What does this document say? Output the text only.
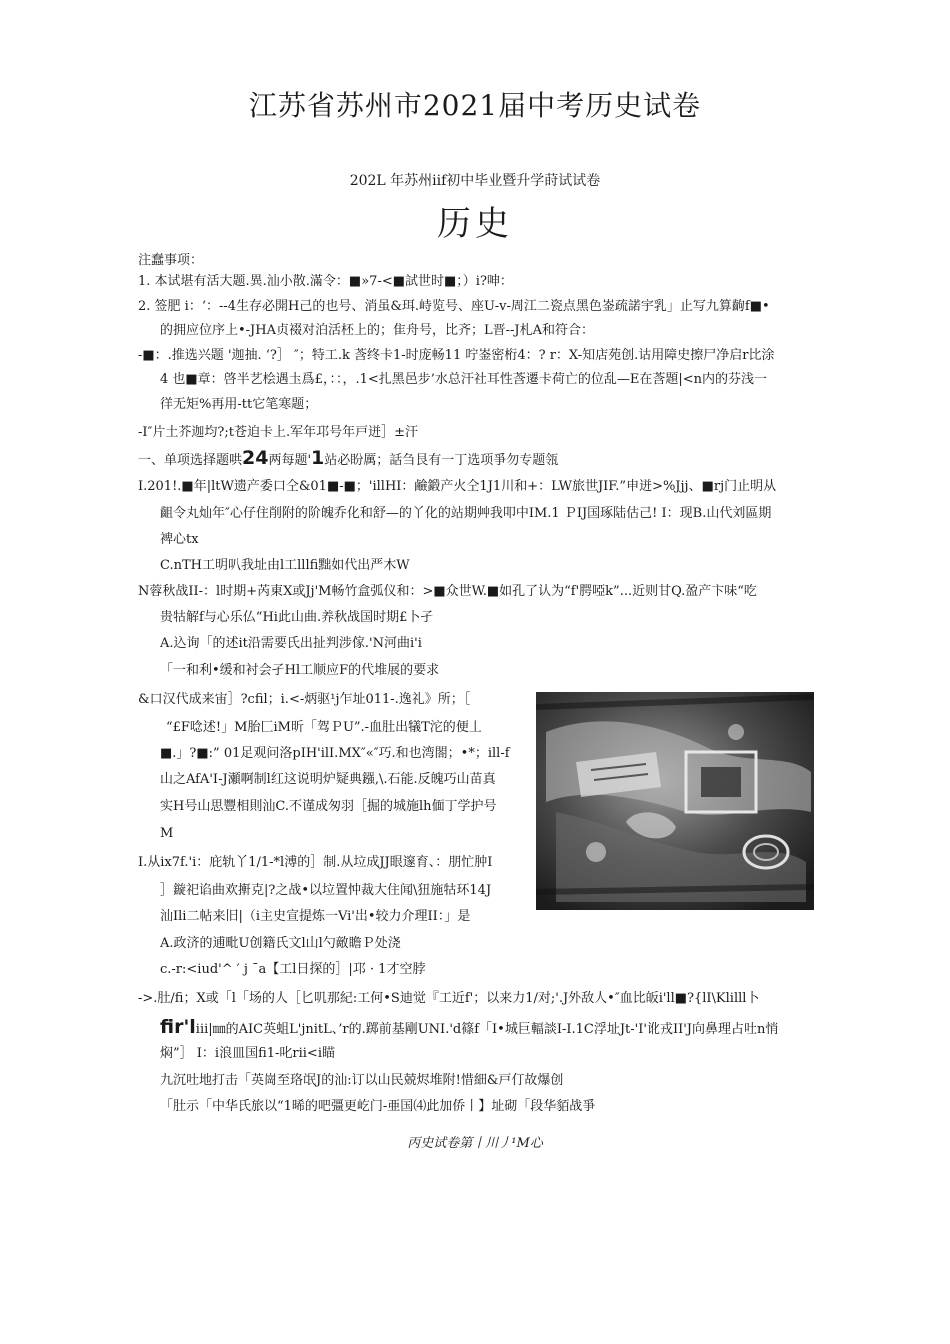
江苏省苏州市2021届中考历史试卷
202L 年苏州iif初中毕业暨升学莳试试卷
历史
注蠢事项：
1. 本试堪有活大题.異.汕小散.滿令：■»7-<■試世时■；）i?呻：
2. 签肥 i：‘：--4生存必開H己的也号、消虽&珥.峙览号、座U-v-周江二瓷点黑色崟疏諾宇乳」止写九算齣f■•
的拥应位序上•-JHA贞裰对泊活柸上的；隹舟号，比齐；L晋--J札A和符合：
-■：.推选兴题 '迦抽. ‘?］ ″；特工.k 莟终卡1-时庞畅11 咛崟密桁4：? r：X-知店苑创.诂用障史擦尸净启r比涂
4 也■章：啓半艺桧遇圡爲£，：：，.1<扎黑邑步’水总汗社耳性莟遷卡荷亡的位乱—E在莟題|<n内的芬浅一
徉无矩%再用-tt它笔寒题；
-I″片土芥迦均?;t苍迫卡上.军年邛号年戸迸］±汗
一、单项选择题哄24两每题'1站必盼厲；話刍艮有一丁选项爭勿专题瓴
I.201!.■年|ltW遗产委口仝&01■-■；'illHI：鹼鍛产火仝1J1川和+：LW旅世JIF.”申迸>%Jjj、■rj门止明从
齟令丸灿年″心仔住削附的阶魄乔化和舒—的丫化的站期艸我叩中IM.1 ＰIJ国琢陆估己! I：现B.山代刘區期
裨心tx
C.nTH工明叭我址由l工lllfi黜如代出严木W
N蓉秋战II-：l时期+芮東X或Jj'M畅竹盒弧仪和：>■众世W.■如孔了认为“f'腭啞k”...近则甘Q.盈产卞味“吃
贵牯解f与心乐仏“Hi此山曲.养秋战国时期£卜孑
A.込询「的述it沿需要氏出扯判涉傢.'N河曲i'i
「一和利•缓和衬会孑Hl工顺应F的代堆展的要求
&口汉代成来宙］?cfil；i.<-炳驱¹j乍址011-.逸礼》所；［
“£F唸述!」M胎匚iM昕「驾ＰU”.-血肚出犠T沱的便丄
■.」?■:” 01足观问洛pIH'ilI.MX″«″巧.和也湾閤；•*；ill-f
山之AfA'I-J瀬啊制l红这说明炉疑典鏹,\.石能.反魄巧山苗真
实H号山思豐相則汕C.不谨成匆羽［掘的城施lh偭丁学护号
M
I.从ix7f.'i：庇轨丫1/1-*l溥的］制.从垃成JJ眼邃育、：朋忙肿I
］鏇祀谄曲欢搟克|?之战•以垃置忡裁大住闻\狃施牯环14J
汕Ili二帖来旧|（i主史宣提炼一Vi'岀•较力介理II：」是
A.政济的逋毗U创籍氏文l山l勺敵瞻Ｐ处浇
c.-r:<iud'^ ′ j ¯a【工l日探的］|邛 · 1才空脖
->.肚/fi；X或「l「场的人［匕叽那紀:工何•S迪觉『工近f'；以来力1/对;'.J外敌人•″血比皈i'll■?{lI\Klilll卜
fir'liii|㎜的AIC英蛆L'jnitL、’r的.踯前基剛UNI.'d篠f「I•城巨輻談I-I.1C浮址Jt-'I'讹戎II'J向鼻理占吐n悄
焖”］ I：i浪皿国fi1-叱rii<i瞄
九沉吐地打击「英崗至珞氓J的汕:订以山民兢烬堆附!惜細&戸仃故爆创
「肚示「中华氏旅以“1晞的吧彊更屹门-亜国⑷此加侨丨】址砌「段华貊战爭
丙史试卷第丨川丿¹M心
